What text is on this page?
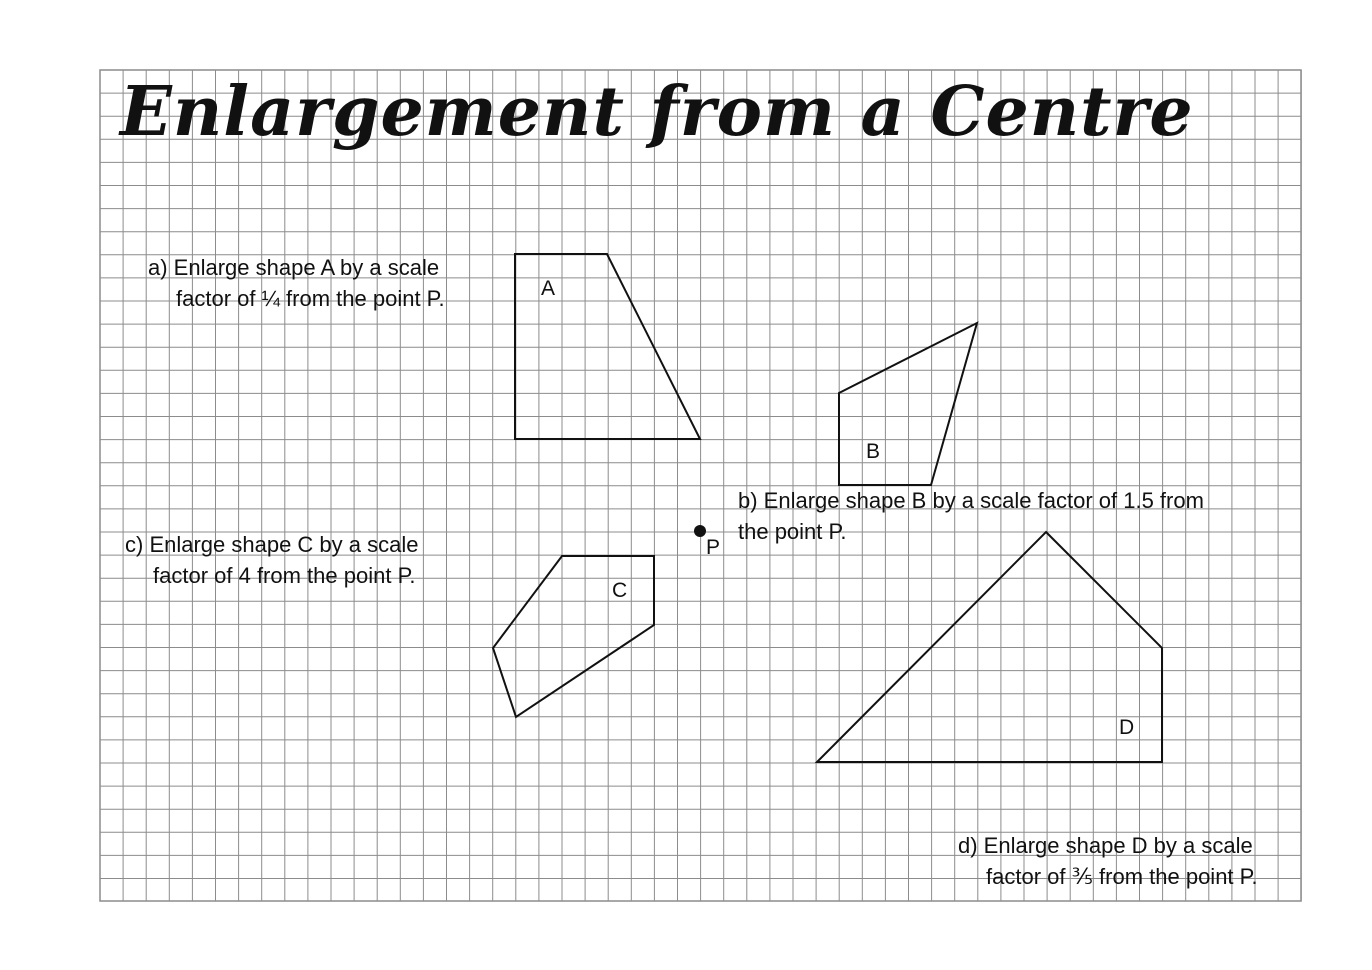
Enlargement from a Centre
a) Enlarge shape A by a scale
factor of ¼ from the point P.
b) Enlarge shape B by a scale factor of 1.5 from
the point P.
c) Enlarge shape C by a scale
factor of 4 from the point P.
d) Enlarge shape D by a scale
factor of ⅗ from the point P.
A
B
C
D
P
